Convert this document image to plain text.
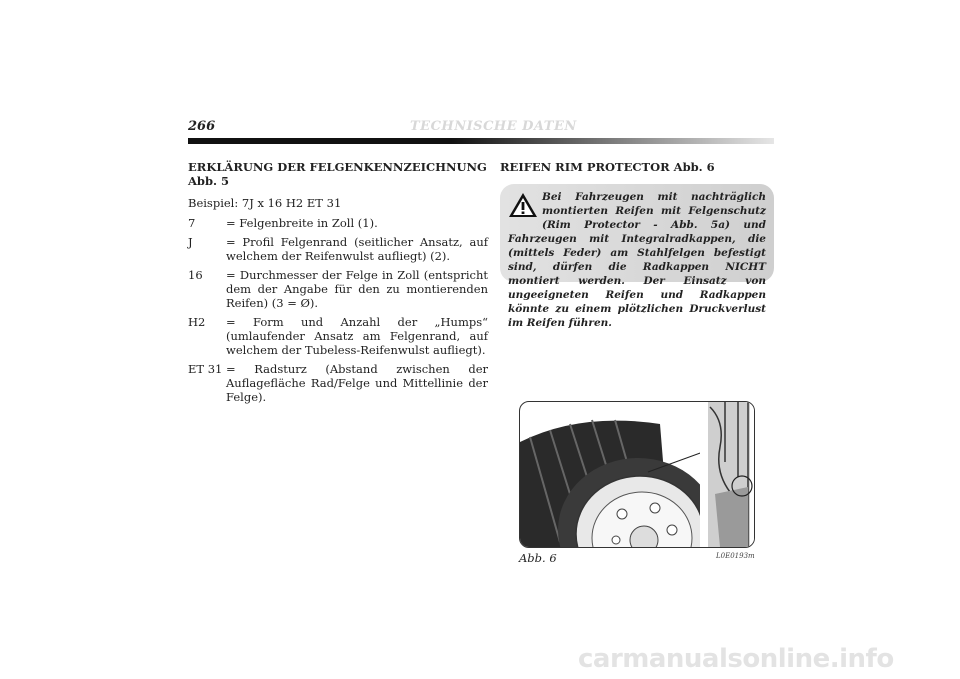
266	TECHNISCHE DATEN
ERKLÄRUNG DER FELGENKENNZEICHNUNG
Abb. 5
Beispiel: 7J x 16 H2 ET 31
7	= Felgenbreite in Zoll (1).
J	= Profil Felgenrand (seitlicher Ansatz, auf welchem der Reifenwulst aufliegt) (2).
16	= Durchmesser der Felge in Zoll (entspricht dem der Angabe für den zu montierenden Reifen) (3 = Ø).
H2	= Form und Anzahl der „Humps“ (umlaufender Ansatz am Felgenrand, auf welchem der Tubeless-Reifenwulst aufliegt).
ET 31 = Radsturz (Abstand zwischen der Auflagefläche Rad/Felge und Mittellinie der Felge).
REIFEN RIM PROTECTOR Abb. 6
Bei Fahrzeugen mit nachträglich montierten Reifen mit Felgenschutz (Rim Protector - Abb. 5a) und Fahrzeugen mit Integralradkappen, die (mittels Feder) am Stahlfelgen befestigt sind, dürfen die Radkappen NICHT montiert werden. Der Einsatz von ungeeigneten Reifen und Radkappen könnte zu einem plötzlichen Druckverlust im Reifen führen.
Abb. 6	L0E0193m
carmanualsonline.info
